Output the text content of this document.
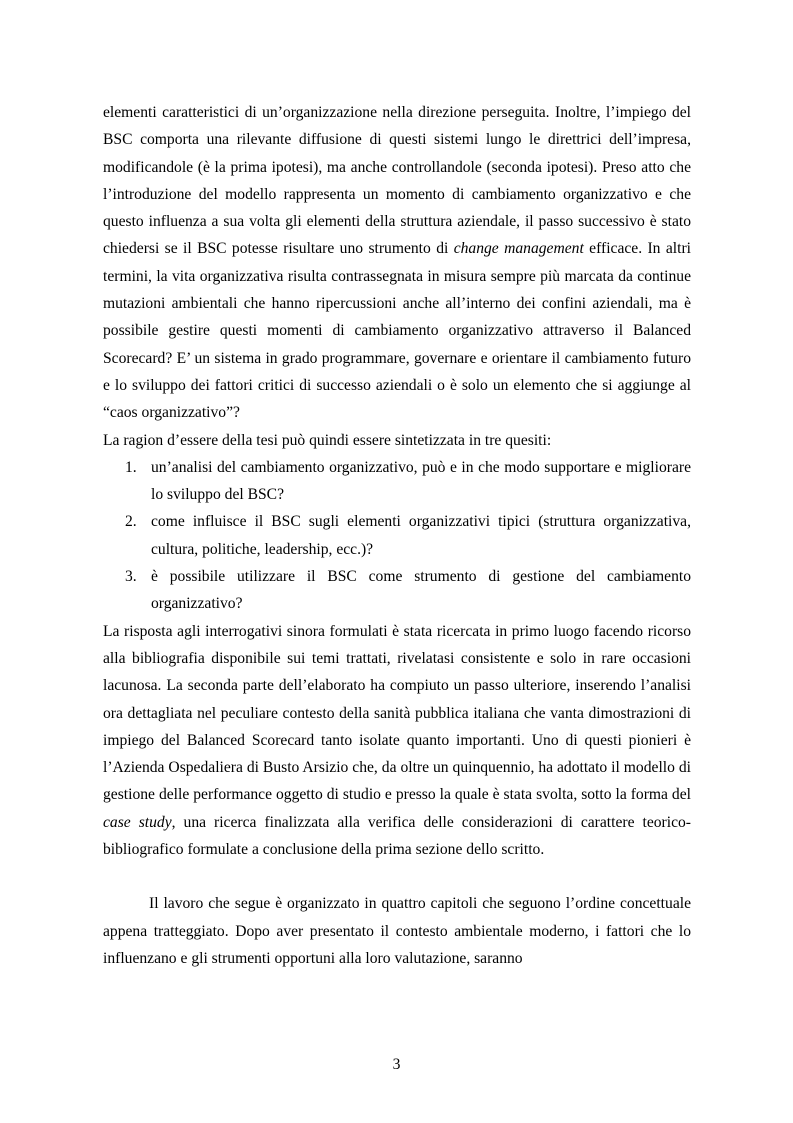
elementi caratteristici di un’organizzazione nella direzione perseguita. Inoltre, l’impiego del BSC comporta una rilevante diffusione di questi sistemi lungo le direttrici dell’impresa, modificandole (è la prima ipotesi), ma anche controllandole (seconda ipotesi). Preso atto che l’introduzione del modello rappresenta un momento di cambiamento organizzativo e che questo influenza a sua volta gli elementi della struttura aziendale, il passo successivo è stato chiedersi se il BSC potesse risultare uno strumento di change management efficace. In altri termini, la vita organizzativa risulta contrassegnata in misura sempre più marcata da continue mutazioni ambientali che hanno ripercussioni anche all’interno dei confini aziendali, ma è possibile gestire questi momenti di cambiamento organizzativo attraverso il Balanced Scorecard? E’ un sistema in grado programmare, governare e orientare il cambiamento futuro e lo sviluppo dei fattori critici di successo aziendali o è solo un elemento che si aggiunge al “caos organizzativo”?

La ragion d’essere della tesi può quindi essere sintetizzata in tre quesiti:

1. un’analisi del cambiamento organizzativo, può e in che modo supportare e migliorare lo sviluppo del BSC?
2. come influisce il BSC sugli elementi organizzativi tipici (struttura organizzativa, cultura, politiche, leadership, ecc.)?
3. è possibile utilizzare il BSC come strumento di gestione del cambiamento organizzativo?

La risposta agli interrogativi sinora formulati è stata ricercata in primo luogo facendo ricorso alla bibliografia disponibile sui temi trattati, rivelatasi consistente e solo in rare occasioni lacunosa. La seconda parte dell’elaborato ha compiuto un passo ulteriore, inserendo l’analisi ora dettagliata nel peculiare contesto della sanità pubblica italiana che vanta dimostrazioni di impiego del Balanced Scorecard tanto isolate quanto importanti. Uno di questi pionieri è l’Azienda Ospedaliera di Busto Arsizio che, da oltre un quinquennio, ha adottato il modello di gestione delle performance oggetto di studio e presso la quale è stata svolta, sotto la forma del case study, una ricerca finalizzata alla verifica delle considerazioni di carattere teorico-bibliografico formulate a conclusione della prima sezione dello scritto.

Il lavoro che segue è organizzato in quattro capitoli che seguono l’ordine concettuale appena tratteggiato. Dopo aver presentato il contesto ambientale moderno, i fattori che lo influenzano e gli strumenti opportuni alla loro valutazione, saranno

3
